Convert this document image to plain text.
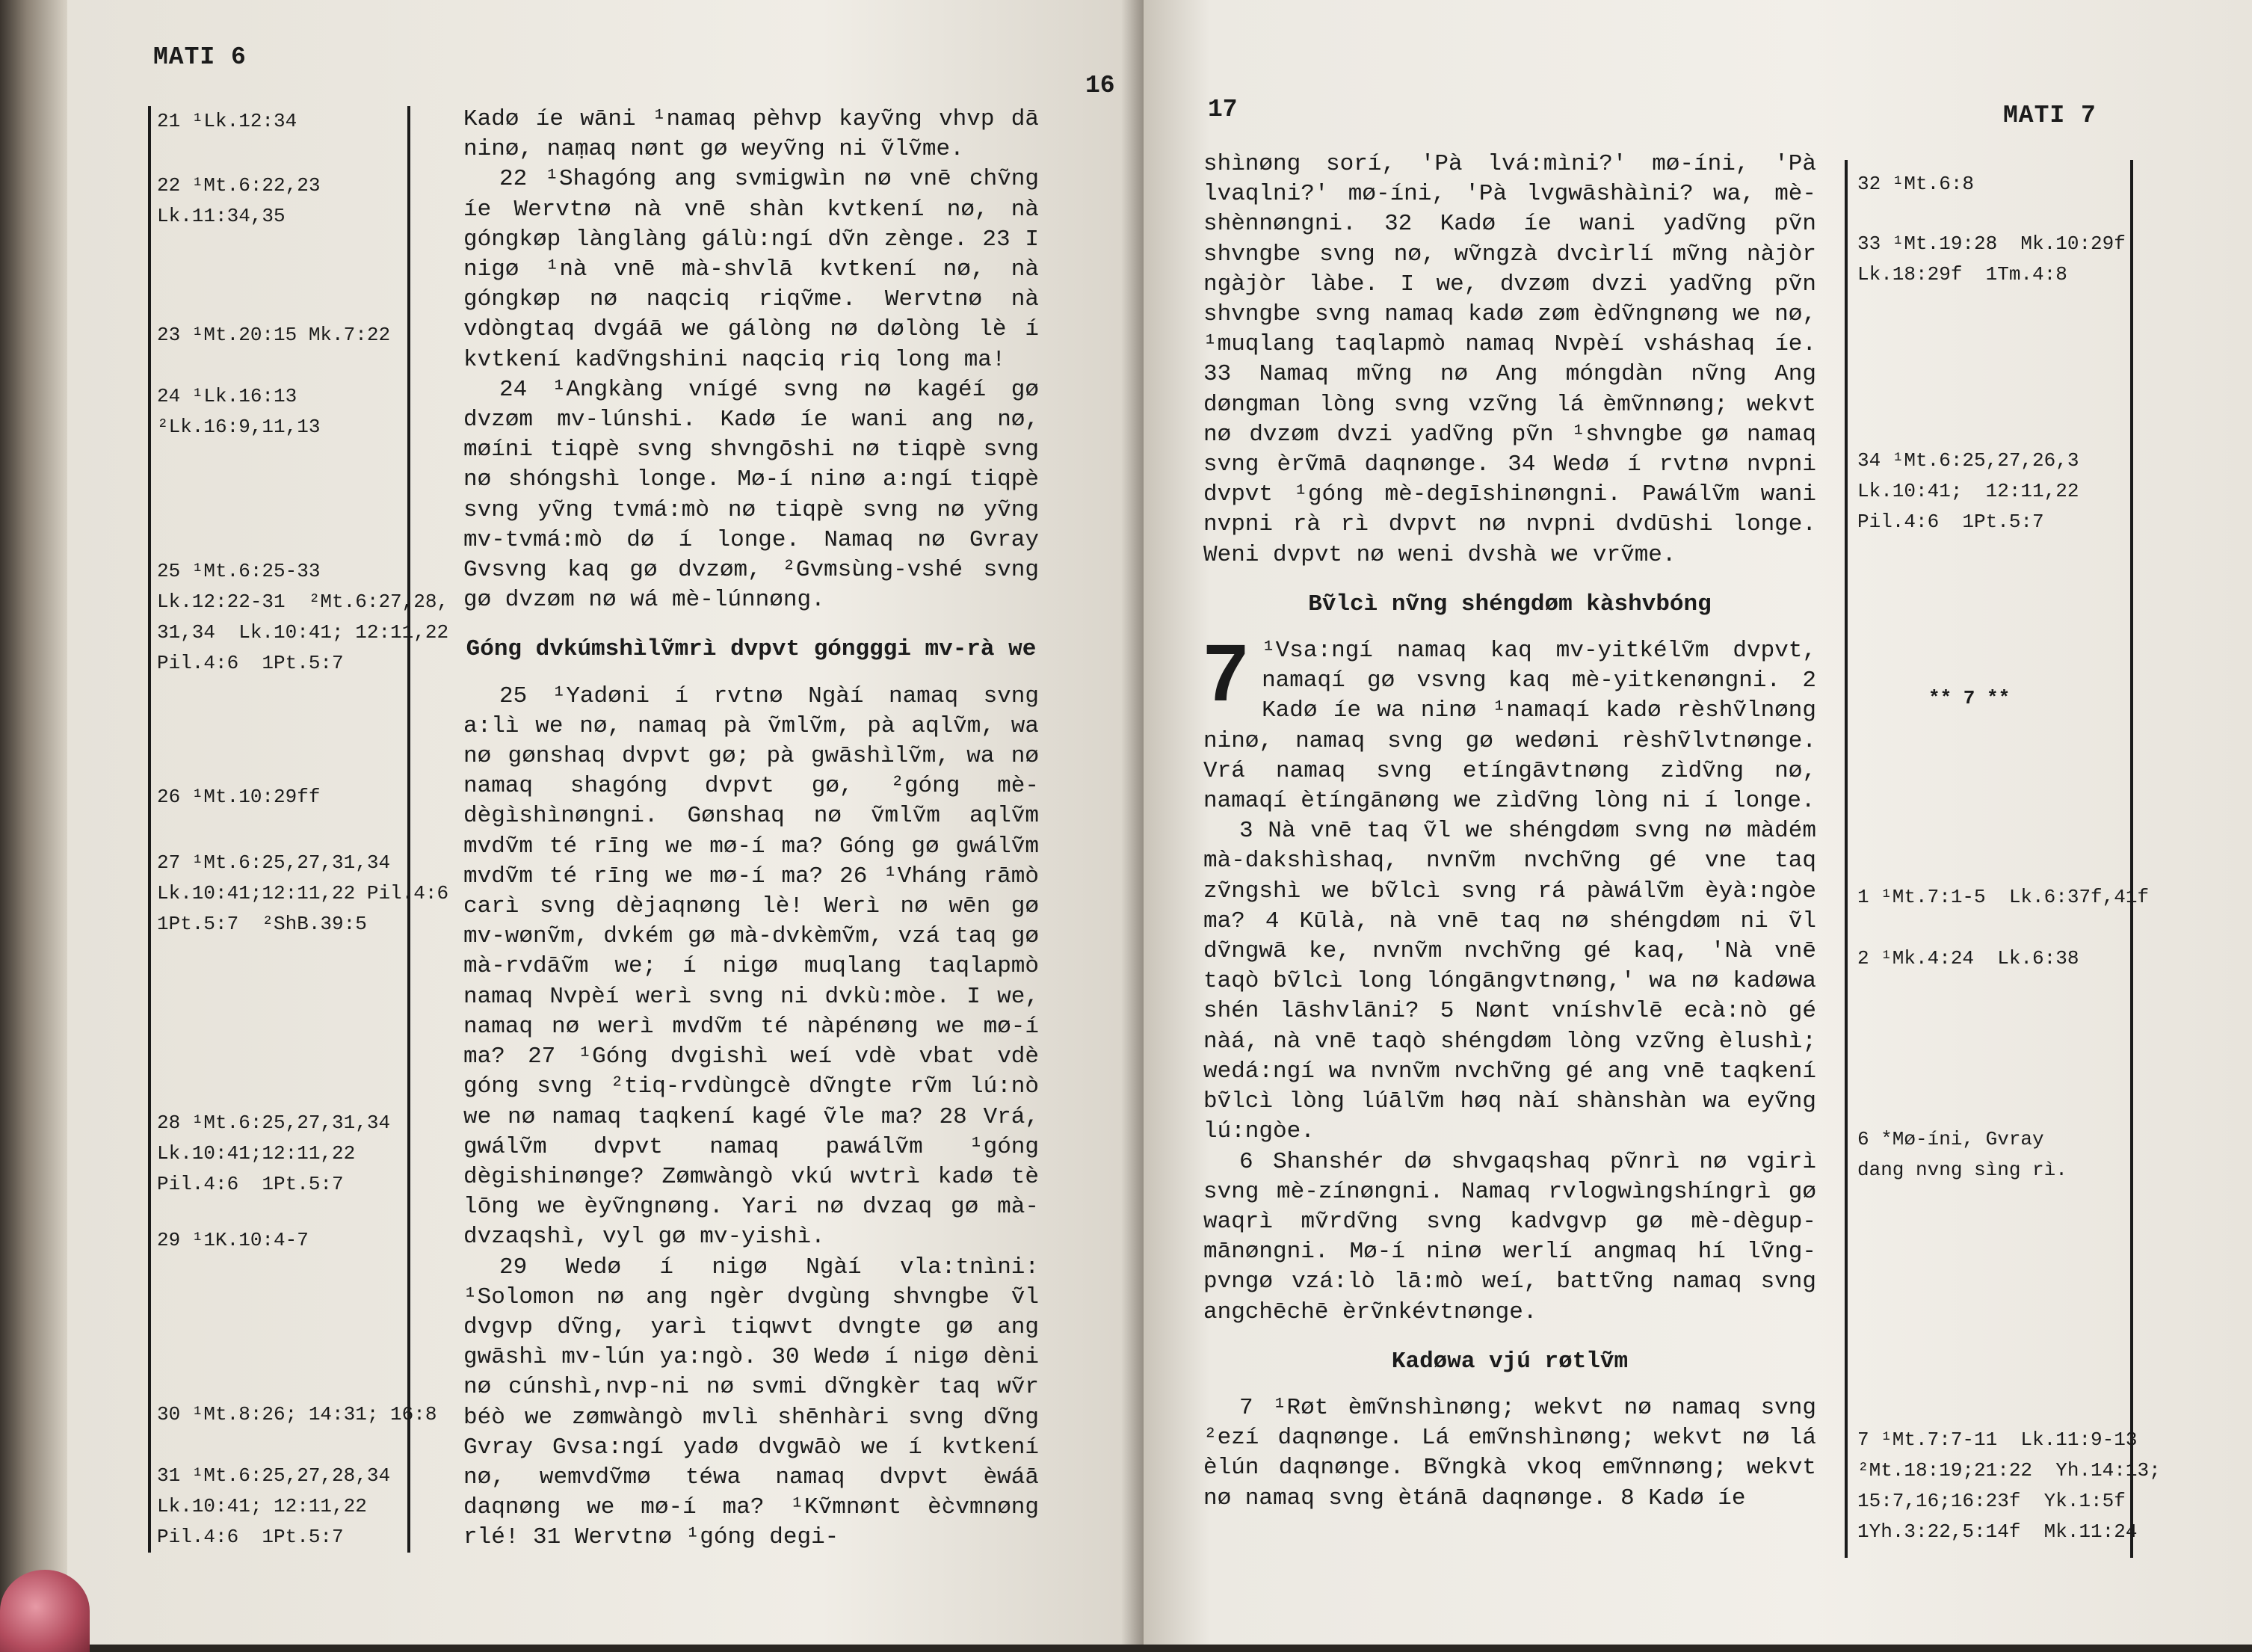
MATI 6
16
21 ¹Lk.12:34
22 ¹Mt.6:22,23
Lk.11:34,35
23 ¹Mt.20:15 Mk.7:22
24 ¹Lk.16:13
²Lk.16:9,11,13
25 ¹Mt.6:25-33
Lk.12:22-31  ²Mt.6:27,28,
31,34  Lk.10:41; 12:11,22
Pil.4:6  1Pt.5:7
26 ¹Mt.10:29ff
27 ¹Mt.6:25,27,31,34
Lk.10:41;12:11,22 Pil.4:6
1Pt.5:7  ²ShB.39:5
28 ¹Mt.6:25,27,31,34
Lk.10:41;12:11,22
Pil.4:6  1Pt.5:7
29 ¹1K.10:4-7
30 ¹Mt.8:26; 14:31; 16:8
31 ¹Mt.6:25,27,28,34
Lk.10:41; 12:11,22
Pil.4:6  1Pt.5:7

Kadø íe wāni ¹namaq pèhvp kayṽng vhvp dā ninø, naṃaq nønt gø weyṽng ni ṽlṽme.

22 ¹Shagóng ang svmigwìn nø vnē chṽng íe Wervtnø nà vnē shàn kvtkení nø, nà góngkøp lànglàng gálù:ngí dṽn zènge. 23 I nigø ¹nà vnē mà-shvlā kvtkení nø, nà góngkøp nø naqciq riqṽme. Wervtnø nà vdòngtaq dvgáā we gálòng nø dølòng lè í kvtkení kadṽngshini naqciq riq long ma!

24 ¹Angkàng vnígé svng nø kagéí gø dvzøm mv-lúnshi. Kadø íe wani ang nø, møíni tiqpè svng shvngōshi nø tiqpè svng nø shóngshì longe. Mø-í ninø a:ngí tiqpè svng yṽng tvmá:mò nø tiqpè svng nø yṽng mv-tvmá:mò dø í longe. Namaq nø Gvray Gvsvng kaq gø dvzøm, ²Gvmsùng-vshé svng gø dvzøm nø wá mè-lúnnøng.

Góng dvkúmshìlṽmrì dvpvt góngggi mv-rà we

25 ¹Yadøni í rvtnø Ngàí namaq svng a:lì we nø, namaq pà ṽmlṽm, pà aqlṽm, wa nø gønshaq dvpvt gø; pà gwāshìlṽm, wa nø namaq shagóng dvpvt gø, ²góng mè-dègìshìnøngni. Gønshaq nø ṽmlṽm aqlṽm mvdṽm té rīng we mø-í ma? Góng gø gwálṽm mvdṽm té rīng we mø-í ma? 26 ¹Vháng rāmò carì svng dèjaqnøng lè! Werì nø wēn gø mv-wønṽm, dvkém gø mà-dvkèmṽm, vzá taq gø mà-rvdāṽm we; í nigø muqlang taqlapmò namaq Nvpèí werì svng ni dvkù:mòe. I we, namaq nø werì mvdṽm té nàpénøng we mø-í ma? 27 ¹Góng dvgishì weí vdè vbat vdè góng svng ²tiq-rvdùngcè dṽngte rṽm lú:nò we nø namaq taqkení kagé ṽle ma? 28 Vrá, gwálṽm dvpvt namaq pawálṽm ¹góng dègishinøngе? Zømwàngò vkú wvtrì kadø tè lōng we èyṽngnøng. Yari nø dvzaq gø mà-dvzaqshì, vyl gø mv-yishì.

29 Wedø í nigø Ngàí vla:tnìni: ¹Solomon nø ang ngèr dvgùng shvngbe ṽl dvgvp dṽng, yarì tiqwvt dvngte gø ang gwāshì mv-lún ya:ngò. 30 Wedø í nigø dèni nø cúnshì,nvp-ni nø svmi dṽngkèr taq wṽr béò we zømwàngò mvlì shēnhàri svng dṽng Gvray Gvsa:ngí yadø dvgwāò we í kvtkení nø, wemvdṽmø téwa namaq dvpvt èwáā daqnøng we mø-í ma? ¹Kṽmnønt èc̀vmnøng rlé! 31 Wervtnø ¹góng degi-

17	MATI 7
32 ¹Mt.6:8
33 ¹Mt.19:28  Mk.10:29f
Lk.18:29f  1Tm.4:8
34 ¹Mt.6:25,27,26,3
Lk.10:41;  12:11,22
Pil.4:6  1Pt.5:7
** 7 **
1 ¹Mt.7:1-5  Lk.6:37f,41f
2 ¹Mk.4:24  Lk.6:38
6 *Mø-íni, Gvray
dang nvng sìng rì.
7 ¹Mt.7:7-11  Lk.11:9-13
²Mt.18:19;21:22  Yh.14:13;
15:7,16;16:23f  Yk.1:5f
1Yh.3:22,5:14f  Mk.11:24

shìnøng sorí, 'Pà lvá:mìni?' mø-íni, 'Pà lvaqlni?' mø-íni, 'Pà lvgwāshàìni? wa, mè-shènnøngni. 32 Kadø íe wani yadṽng pṽn shvngbe svng nø, wṽngzà dvcìrlí mṽng nàjòr ngàjòr làbe. I we, dvzøm dvzi yadṽng pṽn shvngbe svng namaq kadø zøm èdṽngnøng we nø, ¹muqlang taqlapmò namaq Nvpèí vsháshaq íe. 33 Namaq mṽng nø Ang móngdàn nṽng Ang døngman lòng svng vzṽng lá èmṽnnøng; wekvt nø dvzøm dvzi yadṽng pṽn ¹shvngbe gø namaq svng èrṽmā daqnønge. 34 Wedø í rvtnø nvpni dvpvt ¹góng mè-degīshinøngni. Pawálṽm wani nvpni rà rì dvpvt nø nvpni dvdūshi longe. Weni dvpvt nø weni dvshà we vrṽme.

Bṽlcì nṽng shéngdøm kàshvbóng

7 ¹Vsa:ngí namaq kaq mv-yitkélṽm dvpvt, namaqí gø vsvng kaq mè-yitkenøngni. 2 Kadø íe wa ninø ¹namaqí kadø rèshṽlnøng ninø, namaq svng gø wedøni rèshṽlvtnønge. Vrá namaq svng etíngāvtnøng zìdṽng nø, namaqí ètíngānøng we zìdṽng lòng ni í longe.

3 Nà vnē taq ṽl we shéngdøm svng nø màdém mà-dakshìshaq, nvnṽm nvchṽng gé vne taq zṽngshì we bṽlcì svng rá pàwálṽm èyà:ngòe ma? 4 Kūlà, nà vnē taq nø shéngdøm ni ṽl dṽngwā ke, nvnṽm nvchṽng gé kaq, 'Nà vnē taqò bṽlcì long lóngāngvtnøng,' wa nø kadøwa shén lāshvlāni? 5 Nønt vníshvlē ecà:nò gé nàá, nà vnē taqò shéngdøm lòng vzṽng èlushì; wedá:ngí wa nvnṽm nvchṽng gé ang vnē taqkení bṽlcì lòng lúālṽm høq nàí shànshàn wa eyṽng lú:ngòe.

6 Shanshér dø shvgaqshaq pṽnrì nø vgirì svng mè-zínøngni. Namaq rvlogwìngshíngrì gø waqrì mṽrdṽng svng kadvgvp gø mè-dègup-mānøngni. Mø-í ninø werlí angmaq hí lṽng-pvngø vzá:lò lā:mò weí, battṽng namaq svng angchēchē èrṽnkévtnønge.

Kadøwa vjú røtlṽm

7 ¹Røt èmṽnshìnøng; wekvt nø namaq svng ²ezí daqnønge. Lá emṽnshìnøng; wekvt nø lá èlún daqnønge. Bṽngkà vkoq emṽnnøng; wekvt nø namaq svng ètánā daqnønge. 8 Kadø íe
